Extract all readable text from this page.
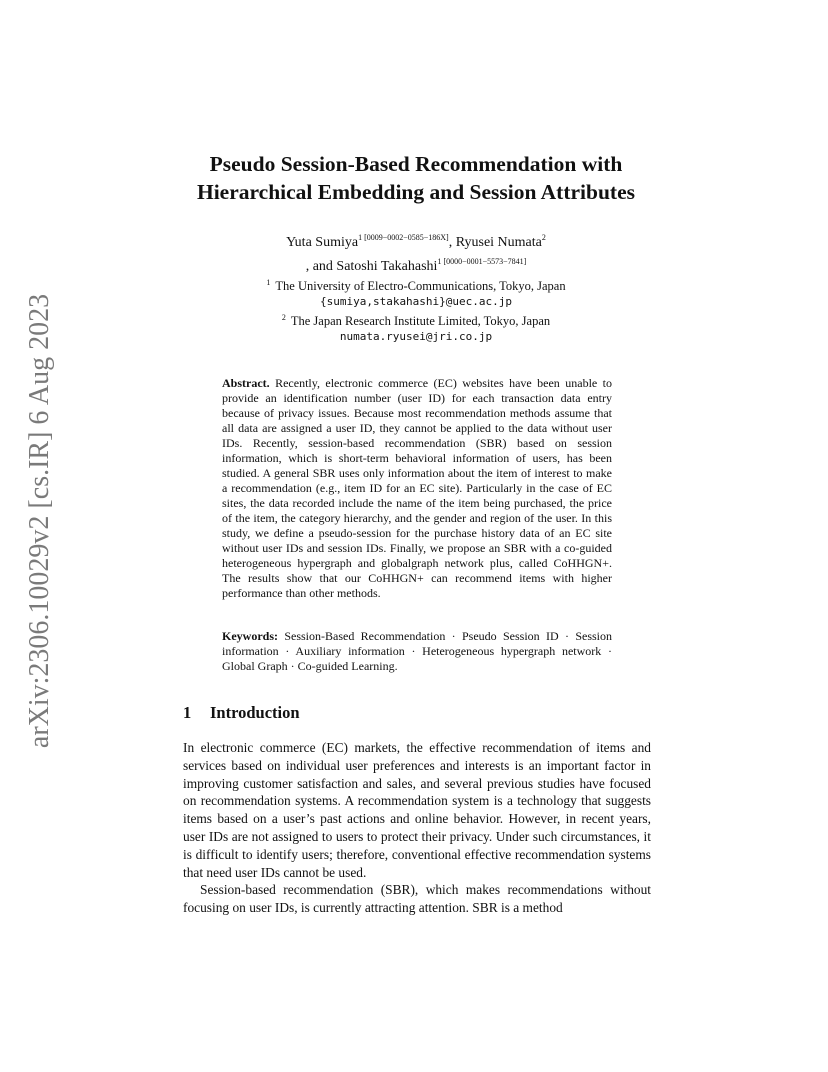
arXiv:2306.10029v2 [cs.IR] 6 Aug 2023
Pseudo Session-Based Recommendation with
Hierarchical Embedding and Session Attributes
Yuta Sumiya$^{1 [0009-0002-0585-186X]}$, Ryusei Numata$^2$
, and Satoshi Takahashi$^{1 [0000-0001-5573-7841]}$
$^1$ The University of Electro-Communications, Tokyo, Japan
{sumiya,stakahashi}@uec.ac.jp
$^2$ The Japan Research Institute Limited, Tokyo, Japan
numata.ryusei@jri.co.jp

Abstract. Recently, electronic commerce (EC) websites have been unable to provide an identification number (user ID) for each transaction data entry because of privacy issues. Because most recommendation methods assume that all data are assigned a user ID, they cannot be applied to the data without user IDs. Recently, session-based recommendation (SBR) based on session information, which is short-term behavioral information of users, has been studied. A general SBR uses only information about the item of interest to make a recommendation (e.g., item ID for an EC site). Particularly in the case of EC sites, the data recorded include the name of the item being purchased, the price of the item, the category hierarchy, and the gender and region of the user. In this study, we define a pseudo-session for the purchase history data of an EC site without user IDs and session IDs. Finally, we propose an SBR with a co-guided heterogeneous hypergraph and globalgraph network plus, called CoHHGN+. The results show that our CoHHGN+ can recommend items with higher performance than other methods.

Keywords: Session-Based Recommendation · Pseudo Session ID · Session information · Auxiliary information · Heterogeneous hypergraph network · Global Graph · Co-guided Learning.

1 Introduction

In electronic commerce (EC) markets, the effective recommendation of items and services based on individual user preferences and interests is an important factor in improving customer satisfaction and sales, and several previous studies have focused on recommendation systems. A recommendation system is a technology that suggests items based on a user’s past actions and online behavior. However, in recent years, user IDs are not assigned to users to protect their privacy. Under such circumstances, it is difficult to identify users; therefore, conventional effective recommendation systems that need user IDs cannot be used.

Session-based recommendation (SBR), which makes recommendations without focusing on user IDs, is currently attracting attention. SBR is a method
